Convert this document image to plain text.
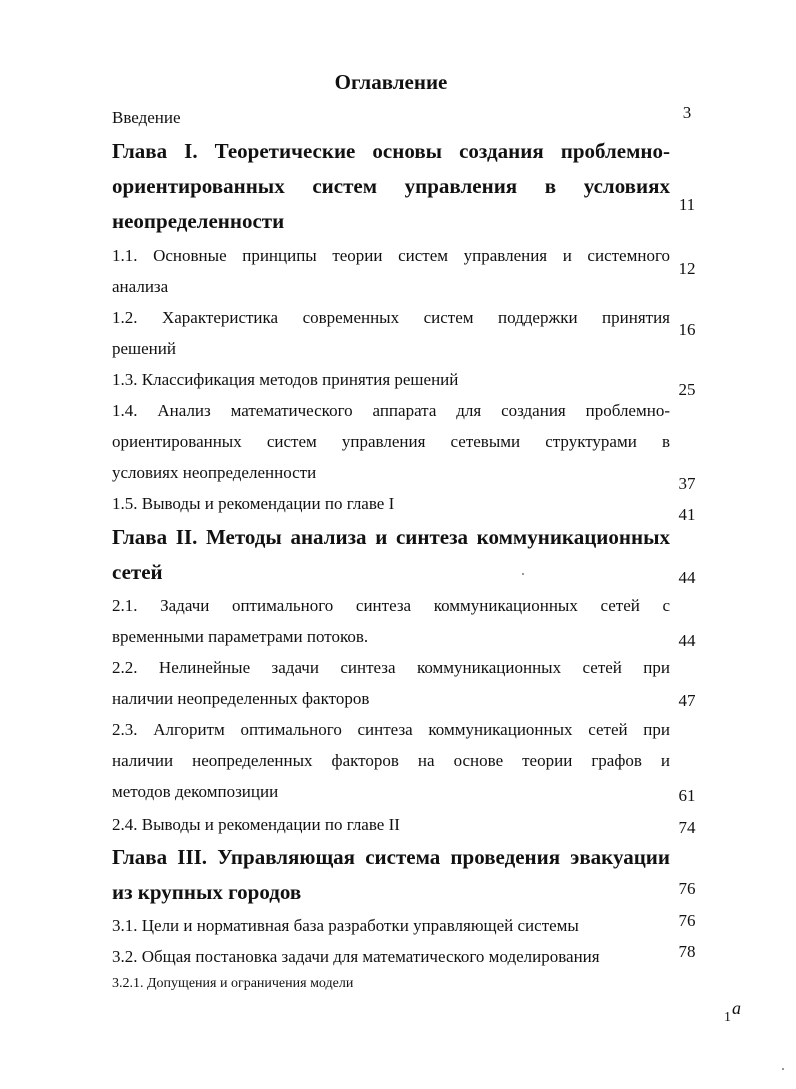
Оглавление
Введение
Глава I. Теоретические основы создания проблемно-
ориентированных систем управления в условиях
неопределенности
1.1. Основные принципы теории систем управления и системного
анализа
1.2. Характеристика современных систем поддержки принятия
решений
1.3. Классификация методов принятия решений
1.4. Анализ математического аппарата для создания проблемно-
ориентированных систем управления сетевыми структурами в
условиях неопределенности
1.5. Выводы и рекомендации по главе I
Глава II. Методы анализа и синтеза коммуникационных
сетей
2.1. Задачи оптимального синтеза коммуникационных сетей с
временными параметрами потоков.
2.2. Нелинейные задачи синтеза коммуникационных сетей при
наличии неопределенных факторов
2.3. Алгоритм оптимального синтеза коммуникационных сетей при
наличии неопределенных факторов на основе теории графов и
методов декомпозиции
2.4. Выводы и рекомендации по главе II
Глава III. Управляющая система проведения эвакуации
из крупных городов
3.1. Цели и нормативная база разработки управляющей системы
3.2. Общая постановка задачи для математического моделирования
3.2.1. Допущения и ограничения модели
3
11
12
16
25
37
41
44
44
47
61
74
76
76
78
1 a
